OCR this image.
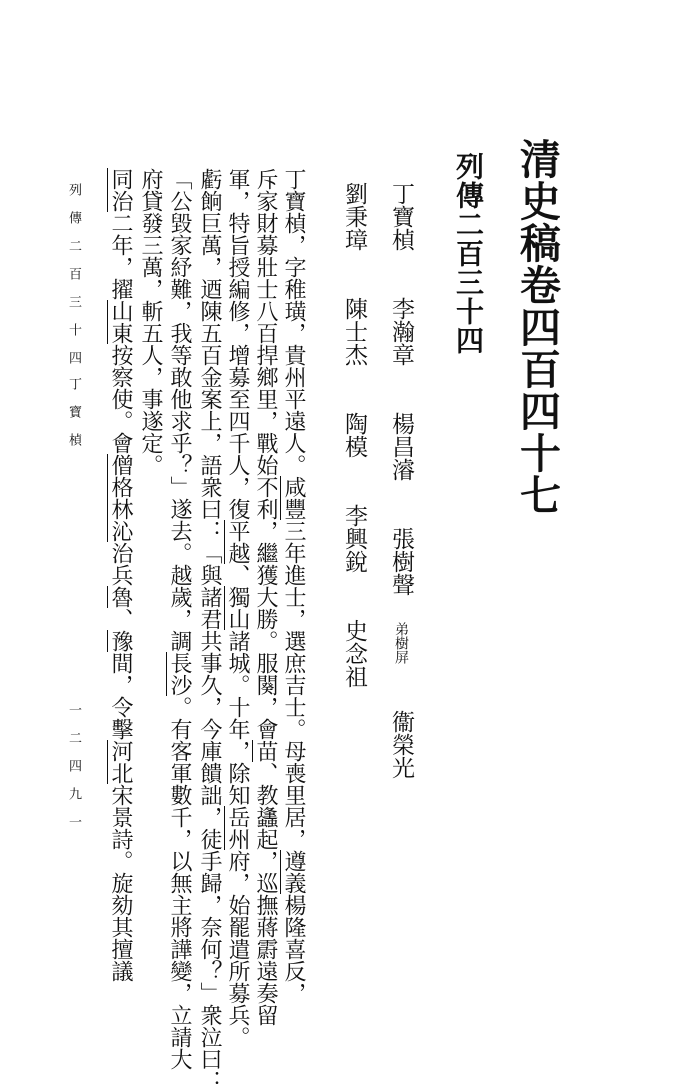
清史稿卷四百四十七
列傳二百三十四
丁寶楨 李瀚章 楊昌濬 張樹聲 弟樹屏 衞榮光
劉秉璋 陳士杰 陶模 李興銳 史念祖

丁寶楨，字稚璜，貴州平遠人。咸豐三年進士，選庶吉士。母喪里居，遵義楊隆喜反，

斥家財募壯士八百捍鄉里，戰始不利，繼獲大勝。服闋，會苗、教蠭起，巡撫蔣霨遠奏留

軍，特旨授編修，增募至四千人，復平越、獨山諸城。十年，除知岳州府，始罷遣所募兵。

虧餉巨萬，迺陳五百金案上，語衆曰：「與諸君共事久，今庫饋詘，徒手歸，奈何？」衆泣曰：

「公毀家紓難，我等敢他求乎？」遂去。越歲，調長沙。有客軍數千，以無主將譁變，立請大

府貸發三萬，斬五人，事遂定。

同治二年，擢山東按察使。會僧格林沁治兵魯、豫間，令擊河北宋景詩。旋劾其擅議

列 傳 二 百 三 十 四　丁 寶 楨

一 二 四 九 一
